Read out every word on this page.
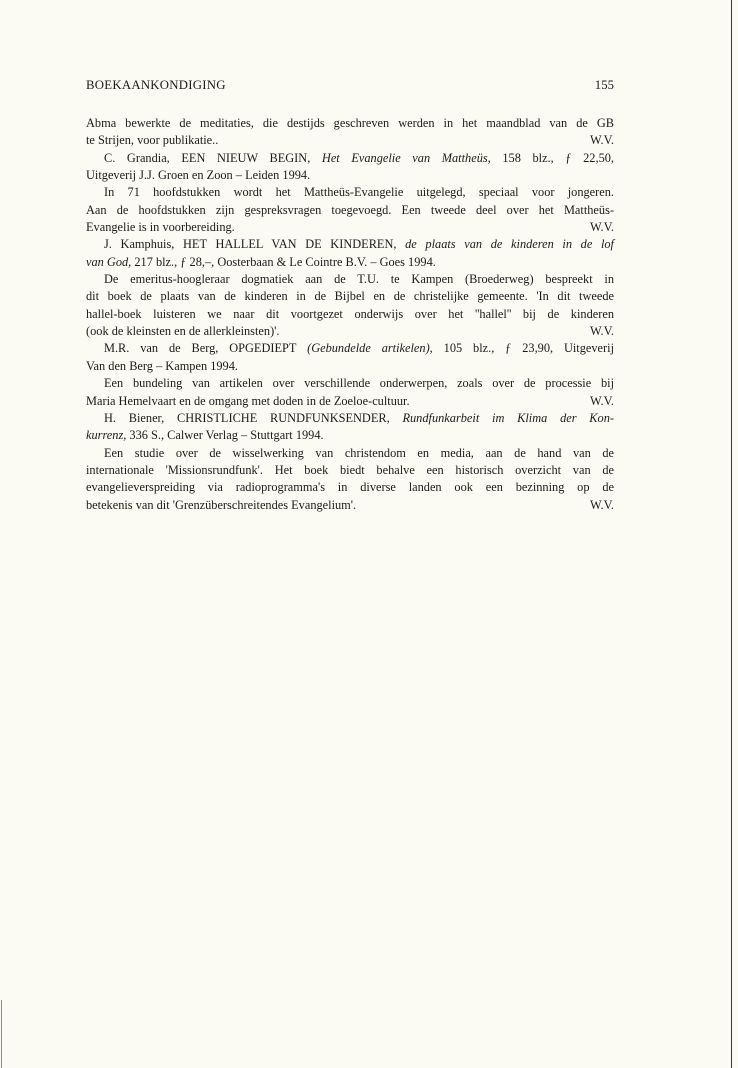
BOEKAANKONDIGING	155
Abma bewerkte de meditaties, die destijds geschreven werden in het maandblad van de GB
te Strijen, voor publikatie..	W.V.
C. Grandia, EEN NIEUW BEGIN, Het Evangelie van Mattheüs, 158 blz., ƒ 22,50,
Uitgeverij J.J. Groen en Zoon – Leiden 1994.
In 71 hoofdstukken wordt het Mattheüs-Evangelie uitgelegd, speciaal voor jongeren.
Aan de hoofdstukken zijn gespreksvragen toegevoegd. Een tweede deel over het Mattheüs-
Evangelie is in voorbereiding.	W.V.
J. Kamphuis, HET HALLEL VAN DE KINDEREN, de plaats van de kinderen in de lof
van God, 217 blz., ƒ 28,–, Oosterbaan & Le Cointre B.V. – Goes 1994.
De emeritus-hoogleraar dogmatiek aan de T.U. te Kampen (Broederweg) bespreekt in
dit boek de plaats van de kinderen in de Bijbel en de christelijke gemeente. 'In dit tweede
hallel-boek luisteren we naar dit voortgezet onderwijs over het ''hallel'' bij de kinderen
(ook de kleinsten en de allerkleinsten)'.	W.V.
M.R. van de Berg, OPGEDIEPT (Gebundelde artikelen), 105 blz., ƒ 23,90, Uitgeverij
Van den Berg – Kampen 1994.
Een bundeling van artikelen over verschillende onderwerpen, zoals over de processie bij
Maria Hemelvaart en de omgang met doden in de Zoeloe-cultuur.	W.V.
H. Biener, CHRISTLICHE RUNDFUNKSENDER, Rundfunkarbeit im Klima der Kon-
kurrenz, 336 S., Calwer Verlag – Stuttgart 1994.
Een studie over de wisselwerking van christendom en media, aan de hand van de
internationale 'Missionsrundfunk'. Het boek biedt behalve een historisch overzicht van de
evangelieverspreiding via radioprogramma's in diverse landen ook een bezinning op de
betekenis van dit 'Grenzüberschreitendes Evangelium'.	W.V.
